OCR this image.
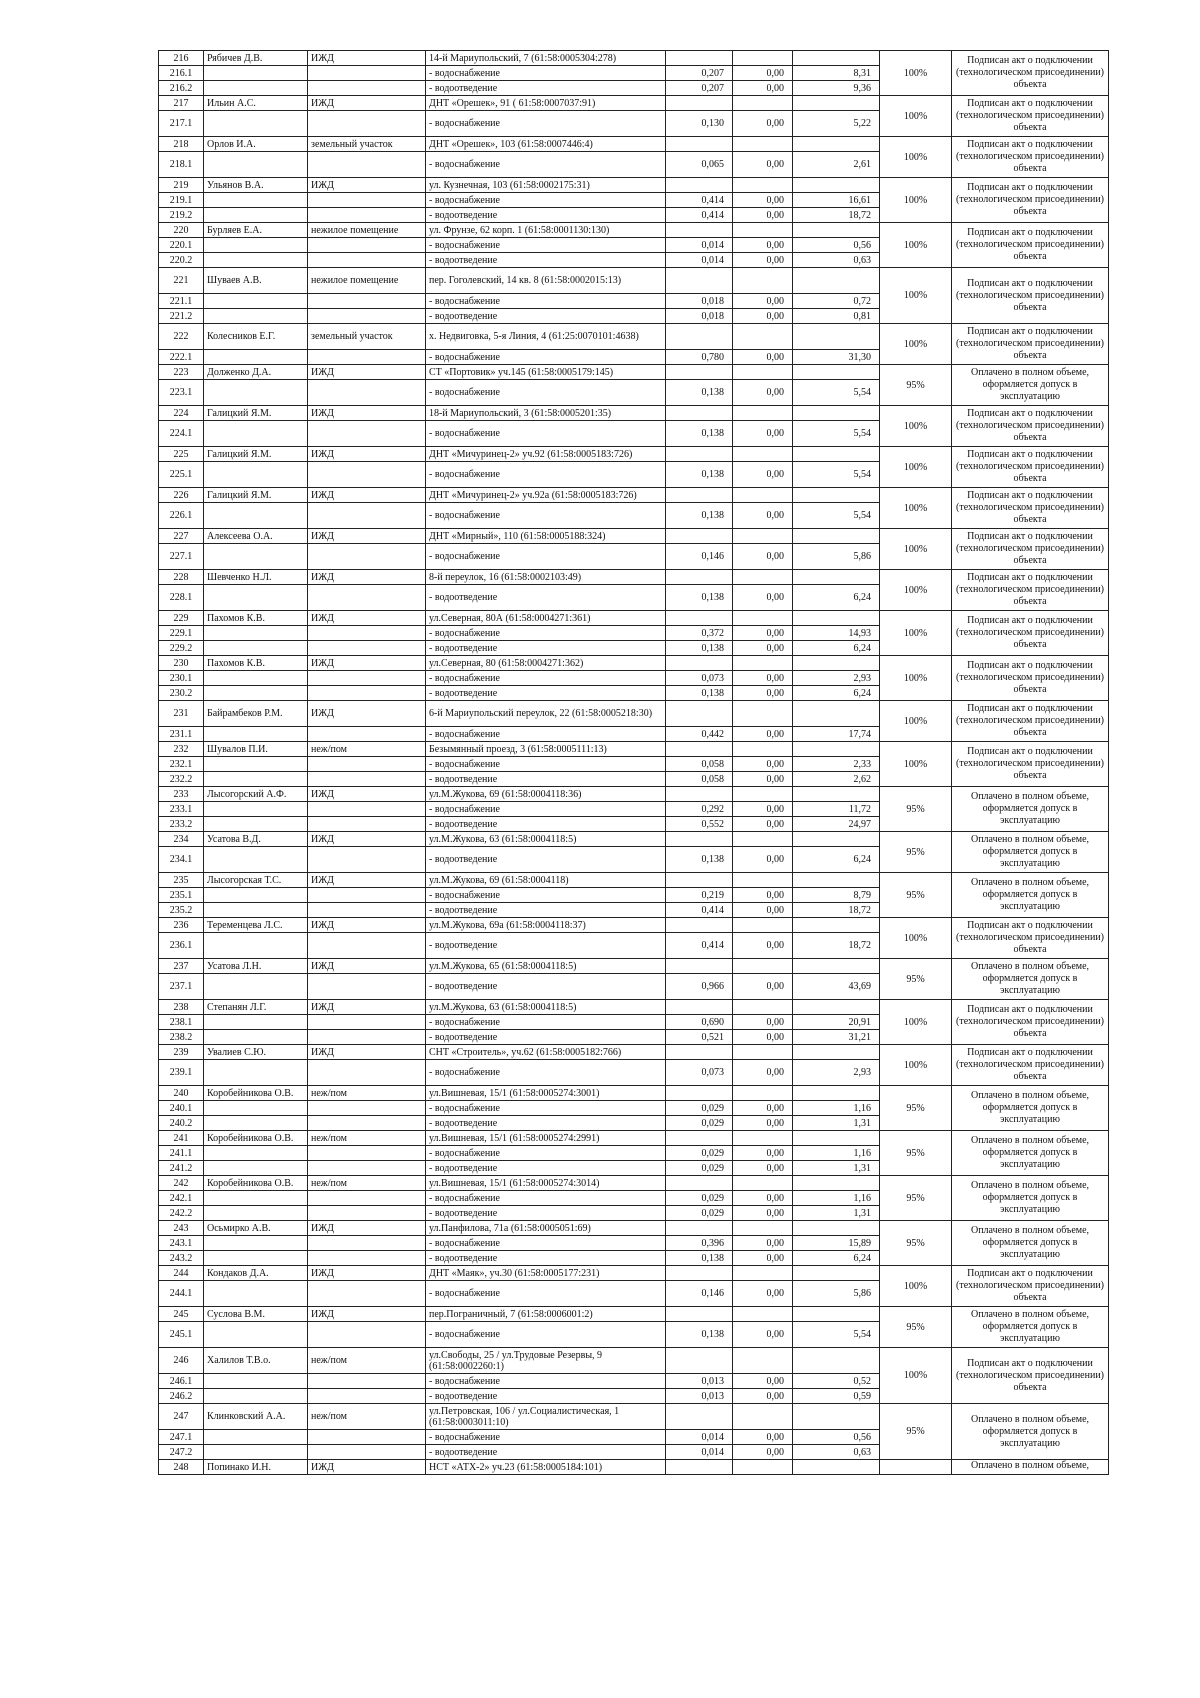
216	Рябичев Д.В.	ИЖД	14-й Мариупольский, 7 (61:58:0005304:278)				100%	Подписан акт о подключении (технологическом присоединении) объекта
216.1			- водоснабжение	0,207	0,00	8,31		
216.2			- водоотведение	0,207	0,00	9,36		
217	Ильин А.С.	ИЖД	ДНТ «Орешек», 91 ( 61:58:0007037:91)				100%	Подписан акт о подключении (технологическом присоединении) объекта
217.1			- водоснабжение	0,130	0,00	5,22		
218	Орлов И.А.	земельный участок	ДНТ «Орешек», 103 (61:58:0007446:4)				100%	Подписан акт о подключении (технологическом присоединении) объекта
218.1			- водоснабжение	0,065	0,00	2,61		
219	Ульянов В.А.	ИЖД	ул. Кузнечная, 103 (61:58:0002175:31)				100%	Подписан акт о подключении (технологическом присоединении) объекта
219.1			- водоснабжение	0,414	0,00	16,61		
219.2			- водоотведение	0,414	0,00	18,72		
220	Бурляев Е.А.	нежилое помещение	ул. Фрунзе, 62 корп. 1 (61:58:0001130:130)				100%	Подписан акт о подключении (технологическом присоединении) объекта
220.1			- водоснабжение	0,014	0,00	0,56		
220.2			- водоотведение	0,014	0,00	0,63		
221	Шуваев А.В.	нежилое помещение	пер. Гоголевский, 14 кв. 8 (61:58:0002015:13)				100%	Подписан акт о подключении (технологическом присоединении) объекта
221.1			- водоснабжение	0,018	0,00	0,72		
221.2			- водоотведение	0,018	0,00	0,81		
222	Колесников Е.Г.	земельный участок	х. Недвиговка, 5-я Линия, 4 (61:25:0070101:4638)				100%	Подписан акт о подключении (технологическом присоединении) объекта
222.1			- водоснабжение	0,780	0,00	31,30		
223	Долженко Д.А.	ИЖД	СТ «Портовик» уч.145 (61:58:0005179:145)				95%	Оплачено в полном объеме, оформляется допуск в эксплуатацию
223.1			- водоснабжение	0,138	0,00	5,54		
224	Галицкий Я.М.	ИЖД	18-й Мариупольский, 3 (61:58:0005201:35)				100%	Подписан акт о подключении (технологическом присоединении) объекта
224.1			- водоснабжение	0,138	0,00	5,54		
225	Галицкий Я.М.	ИЖД	ДНТ «Мичуринец-2» уч.92 (61:58:0005183:726)				100%	Подписан акт о подключении (технологическом присоединении) объекта
225.1			- водоснабжение	0,138	0,00	5,54		
226	Галицкий Я.М.	ИЖД	ДНТ «Мичуринец-2» уч.92а (61:58:0005183:726)				100%	Подписан акт о подключении (технологическом присоединении) объекта
226.1			- водоснабжение	0,138	0,00	5,54		
227	Алексеева О.А.	ИЖД	ДНТ «Мирный», 110 (61:58:0005188:324)				100%	Подписан акт о подключении (технологическом присоединении) объекта
227.1			- водоснабжение	0,146	0,00	5,86		
228	Шевченко Н.Л.	ИЖД	8-й переулок, 16 (61:58:0002103:49)				100%	Подписан акт о подключении (технологическом присоединении) объекта
228.1			- водоотведение	0,138	0,00	6,24		
229	Пахомов К.В.	ИЖД	ул.Северная, 80А (61:58:0004271:361)				100%	Подписан акт о подключении (технологическом присоединении) объекта
229.1			- водоснабжение	0,372	0,00	14,93		
229.2			- водоотведение	0,138	0,00	6,24		
230	Пахомов К.В.	ИЖД	ул.Северная, 80 (61:58:0004271:362)				100%	Подписан акт о подключении (технологическом присоединении) объекта
230.1			- водоснабжение	0,073	0,00	2,93		
230.2			- водоотведение	0,138	0,00	6,24		
231	Байрамбеков Р.М.	ИЖД	6-й Мариупольский переулок, 22 (61:58:0005218:30)				100%	Подписан акт о подключении (технологическом присоединении) объекта
231.1			- водоснабжение	0,442	0,00	17,74		
232	Шувалов П.И.	неж/пом	Безымянный проезд, 3 (61:58:0005111:13)				100%	Подписан акт о подключении (технологическом присоединении) объекта
232.1			- водоснабжение	0,058	0,00	2,33		
232.2			- водоотведение	0,058	0,00	2,62		
233	Лысогорский А.Ф.	ИЖД	ул.М.Жукова, 69 (61:58:0004118:36)				95%	Оплачено в полном объеме, оформляется допуск в эксплуатацию
233.1			- водоснабжение	0,292	0,00	11,72		
233.2			- водоотведение	0,552	0,00	24,97		
234	Усатова В.Д.	ИЖД	ул.М.Жукова, 63 (61:58:0004118:5)				95%	Оплачено в полном объеме, оформляется допуск в эксплуатацию
234.1			- водоотведение	0,138	0,00	6,24		
235	Лысогорская Т.С.	ИЖД	ул.М.Жукова, 69 (61:58:0004118)				95%	Оплачено в полном объеме, оформляется допуск в эксплуатацию
235.1			- водоснабжение	0,219	0,00	8,79		
235.2			- водоотведение	0,414	0,00	18,72		
236	Теременцева Л.С.	ИЖД	ул.М.Жукова, 69а (61:58:0004118:37)				100%	Подписан акт о подключении (технологическом присоединении) объекта
236.1			- водоотведение	0,414	0,00	18,72		
237	Усатова Л.Н.	ИЖД	ул.М.Жукова, 65 (61:58:0004118:5)				95%	Оплачено в полном объеме, оформляется допуск в эксплуатацию
237.1			- водоотведение	0,966	0,00	43,69		
238	Степанян Л.Г.	ИЖД	ул.М.Жукова, 63 (61:58:0004118:5)				100%	Подписан акт о подключении (технологическом присоединении) объекта
238.1			- водоснабжение	0,690	0,00	20,91		
238.2			- водоотведение	0,521	0,00	31,21		
239	Увалиев С.Ю.	ИЖД	СНТ «Строитель», уч.62 (61:58:0005182:766)				100%	Подписан акт о подключении (технологическом присоединении) объекта
239.1			- водоснабжение	0,073	0,00	2,93		
240	Коробейникова О.В.	неж/пом	ул.Вишневая, 15/1 (61:58:0005274:3001)				95%	Оплачено в полном объеме, оформляется допуск в эксплуатацию
240.1			- водоснабжение	0,029	0,00	1,16		
240.2			- водоотведение	0,029	0,00	1,31		
241	Коробейникова О.В.	неж/пом	ул.Вишневая, 15/1 (61:58:0005274:2991)				95%	Оплачено в полном объеме, оформляется допуск в эксплуатацию
241.1			- водоснабжение	0,029	0,00	1,16		
241.2			- водоотведение	0,029	0,00	1,31		
242	Коробейникова О.В.	неж/пом	ул.Вишневая, 15/1 (61:58:0005274:3014)				95%	Оплачено в полном объеме, оформляется допуск в эксплуатацию
242.1			- водоснабжение	0,029	0,00	1,16		
242.2			- водоотведение	0,029	0,00	1,31		
243	Осьмирко А.В.	ИЖД	ул.Панфилова, 71а (61:58:0005051:69)				95%	Оплачено в полном объеме, оформляется допуск в эксплуатацию
243.1			- водоснабжение	0,396	0,00	15,89		
243.2			- водоотведение	0,138	0,00	6,24		
244	Кондаков Д.А.	ИЖД	ДНТ «Маяк», уч.30 (61:58:0005177:231)				100%	Подписан акт о подключении (технологическом присоединении) объекта
244.1			- водоснабжение	0,146	0,00	5,86		
245	Суслова В.М.	ИЖД	пер.Пограничный, 7 (61:58:0006001:2)				95%	Оплачено в полном объеме, оформляется допуск в эксплуатацию
245.1			- водоснабжение	0,138	0,00	5,54		
246	Халилов Т.В.о.	неж/пом	ул.Свободы, 25 / ул.Трудовые Резервы, 9 (61:58:0002260:1)				100%	Подписан акт о подключении (технологическом присоединении) объекта
246.1			- водоснабжение	0,013	0,00	0,52		
246.2			- водоотведение	0,013	0,00	0,59		
247	Клинковский А.А.	неж/пом	ул.Петровская, 106 / ул.Социалистическая, 1 (61:58:0003011:10)				95%	Оплачено в полном объеме, оформляется допуск в эксплуатацию
247.1			- водоснабжение	0,014	0,00	0,56		
247.2			- водоотведение	0,014	0,00	0,63		
248	Попинако И.Н.	ИЖД	НСТ «АТХ-2» уч.23 (61:58:0005184:101)					Оплачено в полном объеме,
